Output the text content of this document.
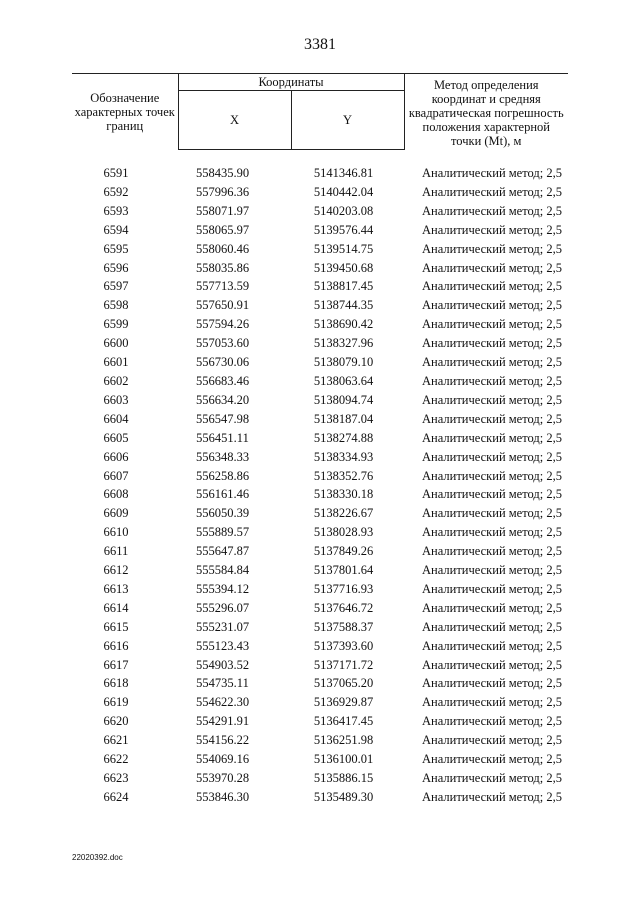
3381
Обозначение характерных точек границ	Координаты		Метод определения координат и средняя квадратическая погрешность положения характерной точки (Мt), м
	X	Y	

6591	558435.90	5141346.81	Аналитический метод; 2,5
6592	557996.36	5140442.04	Аналитический метод; 2,5
6593	558071.97	5140203.08	Аналитический метод; 2,5
6594	558065.97	5139576.44	Аналитический метод; 2,5
6595	558060.46	5139514.75	Аналитический метод; 2,5
6596	558035.86	5139450.68	Аналитический метод; 2,5
6597	557713.59	5138817.45	Аналитический метод; 2,5
6598	557650.91	5138744.35	Аналитический метод; 2,5
6599	557594.26	5138690.42	Аналитический метод; 2,5
6600	557053.60	5138327.96	Аналитический метод; 2,5
6601	556730.06	5138079.10	Аналитический метод; 2,5
6602	556683.46	5138063.64	Аналитический метод; 2,5
6603	556634.20	5138094.74	Аналитический метод; 2,5
6604	556547.98	5138187.04	Аналитический метод; 2,5
6605	556451.11	5138274.88	Аналитический метод; 2,5
6606	556348.33	5138334.93	Аналитический метод; 2,5
6607	556258.86	5138352.76	Аналитический метод; 2,5
6608	556161.46	5138330.18	Аналитический метод; 2,5
6609	556050.39	5138226.67	Аналитический метод; 2,5
6610	555889.57	5138028.93	Аналитический метод; 2,5
6611	555647.87	5137849.26	Аналитический метод; 2,5
6612	555584.84	5137801.64	Аналитический метод; 2,5
6613	555394.12	5137716.93	Аналитический метод; 2,5
6614	555296.07	5137646.72	Аналитический метод; 2,5
6615	555231.07	5137588.37	Аналитический метод; 2,5
6616	555123.43	5137393.60	Аналитический метод; 2,5
6617	554903.52	5137171.72	Аналитический метод; 2,5
6618	554735.11	5137065.20	Аналитический метод; 2,5
6619	554622.30	5136929.87	Аналитический метод; 2,5
6620	554291.91	5136417.45	Аналитический метод; 2,5
6621	554156.22	5136251.98	Аналитический метод; 2,5
6622	554069.16	5136100.01	Аналитический метод; 2,5
6623	553970.28	5135886.15	Аналитический метод; 2,5
6624	553846.30	5135489.30	Аналитический метод; 2,5
22020392.doc
